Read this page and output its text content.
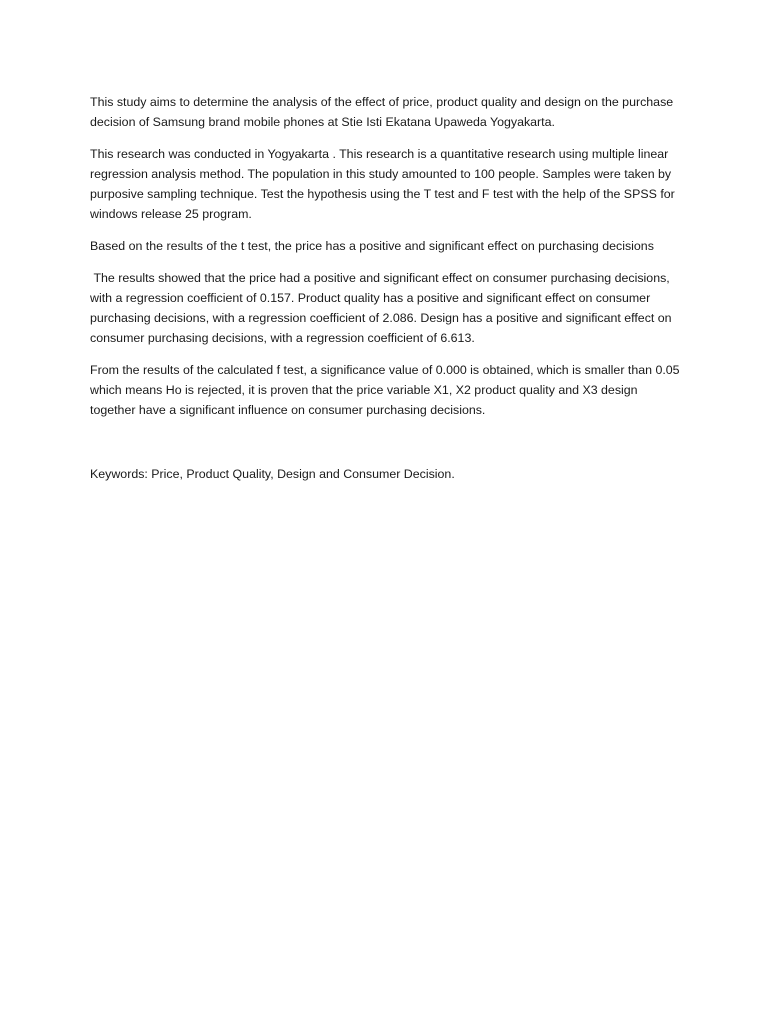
This study aims to determine the analysis of the effect of price, product quality and design on the purchase decision of Samsung brand mobile phones at Stie Isti Ekatana Upaweda Yogyakarta.

This research was conducted in Yogyakarta . This research is a quantitative research using multiple linear regression analysis method. The population in this study amounted to 100 people. Samples were taken by purposive sampling technique. Test the hypothesis using the T test and F test with the help of the SPSS for windows release 25 program.

Based on the results of the t test, the price has a positive and significant effect on purchasing decisions

The results showed that the price had a positive and significant effect on consumer purchasing decisions, with a regression coefficient of 0.157. Product quality has a positive and significant effect on consumer purchasing decisions, with a regression coefficient of 2.086. Design has a positive and significant effect on consumer purchasing decisions, with a regression coefficient of 6.613.

From the results of the calculated f test, a significance value of 0.000 is obtained, which is smaller than 0.05 which means Ho is rejected, it is proven that the price variable X1, X2 product quality and X3 design together have a significant influence on consumer purchasing decisions.

Keywords: Price, Product Quality, Design and Consumer Decision.
